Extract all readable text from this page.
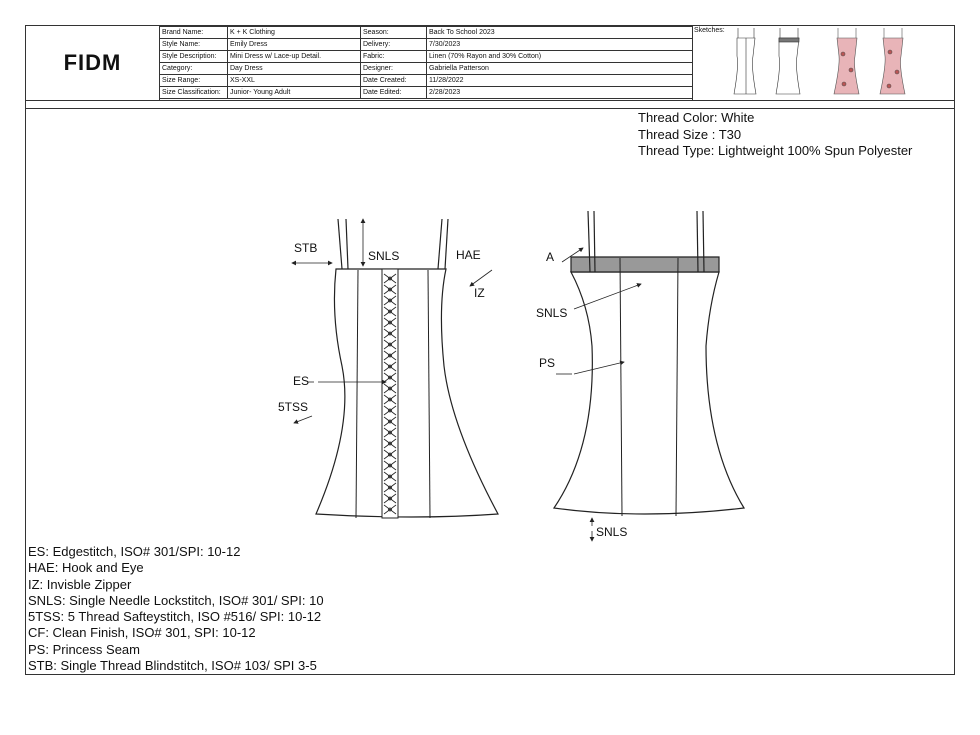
FIDM
Brand Name:	K + K Clothing	Season:	Back To School 2023
Style Name:	Emily Dress	Delivery:	7/30/2023
Style Description:	Mini Dress w/ Lace-up Detail.	Fabric:	Linen (70% Rayon and 30% Cotton)
Category:	Day Dress	Designer:	Gabriella Patterson
Size Range:	XS-XXL	Date Created:	11/28/2022
Size Classification:	Junior- Young Adult	Date Edited:	2/28/2023
Sketches:
Thread Color: White
Thread Size : T30
Thread Type: Lightweight 100% Spun Polyester
STB
SNLS	HAE
IZ
ES
5TSS
A
SNLS
PS
SNLS
ES: Edgestitch, ISO# 301/SPI: 10-12
HAE: Hook and Eye
IZ: Invisble Zipper
SNLS: Single Needle Lockstitch, ISO# 301/ SPI: 10
5TSS: 5 Thread Safteystitch, ISO #516/ SPI: 10-12
CF: Clean Finish, ISO# 301, SPI: 10-12
PS: Princess Seam
STB: Single Thread Blindstitch, ISO# 103/ SPI 3-5
